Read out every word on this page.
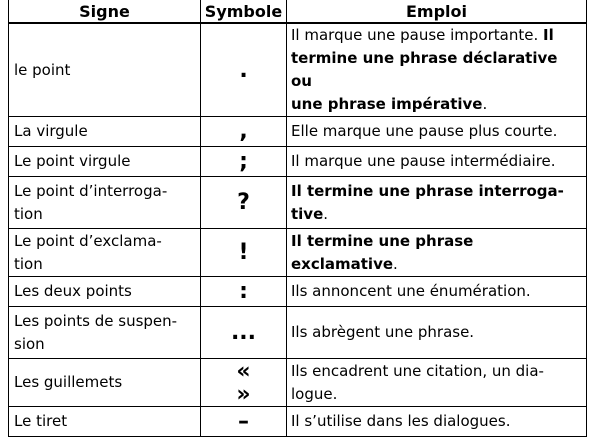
Signe	Symbole	Emploi
le point	.	Il marque une pause importante. Il
termine une phrase déclarative ou
une phrase impérative.
La virgule	,	Elle marque une pause plus courte.
Le point virgule	;	Il marque une pause intermédiaire.
Le point d’interroga-
tion	?	Il termine une phrase interroga-
tive.
Le point d’exclama-
tion	!	Il termine une phrase exclamative.
Les deux points	:	Ils annoncent une énumération.
Les points de suspen-
sion	...	Ils abrègent une phrase.
Les guillemets	«»	Ils encadrent une citation, un dia-
logue.
Le tiret	–	Il s’utilise dans les dialogues.
